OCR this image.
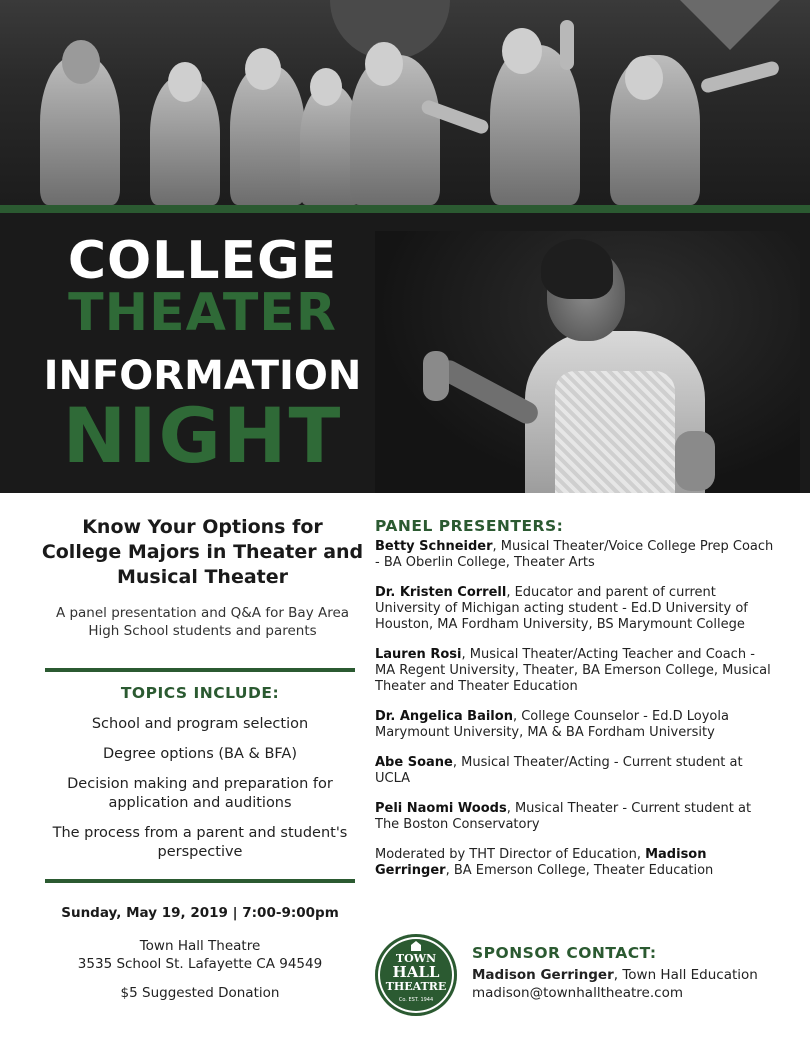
COLLEGE
THEATER
INFORMATION
NIGHT

Know Your Options for College Majors in Theater and Musical Theater

A panel presentation and Q&A for Bay Area High School students and parents

TOPICS INCLUDE:

School and program selection

Degree options (BA & BFA)

Decision making and preparation for application and auditions

The process from a parent and student's perspective

Sunday, May 19, 2019 | 7:00-9:00pm
Town Hall Theatre
3535 School St. Lafayette CA 94549
$5 Suggested Donation
PANEL PRESENTERS:

Betty Schneider, Musical Theater/Voice College Prep Coach - BA Oberlin College, Theater Arts

Dr. Kristen Correll, Educator and parent of current University of Michigan acting student - Ed.D University of Houston, MA Fordham University, BS Marymount College

Lauren Rosi, Musical Theater/Acting Teacher and Coach - MA Regent University, Theater, BA Emerson College, Musical Theater and Theater Education

Dr. Angelica Bailon, College Counselor - Ed.D Loyola Marymount University, MA & BA Fordham University

Abe Soane, Musical Theater/Acting - Current student at UCLA

Peli Naomi Woods, Musical Theater - Current student at The Boston Conservatory

Moderated by THT Director of Education, Madison Gerringer, BA Emerson College, Theater Education

TOWN
HALL
THEATRE
Co. EST. 1944
SPONSOR CONTACT:
Madison Gerringer, Town Hall Education
madison@townhalltheatre.com
